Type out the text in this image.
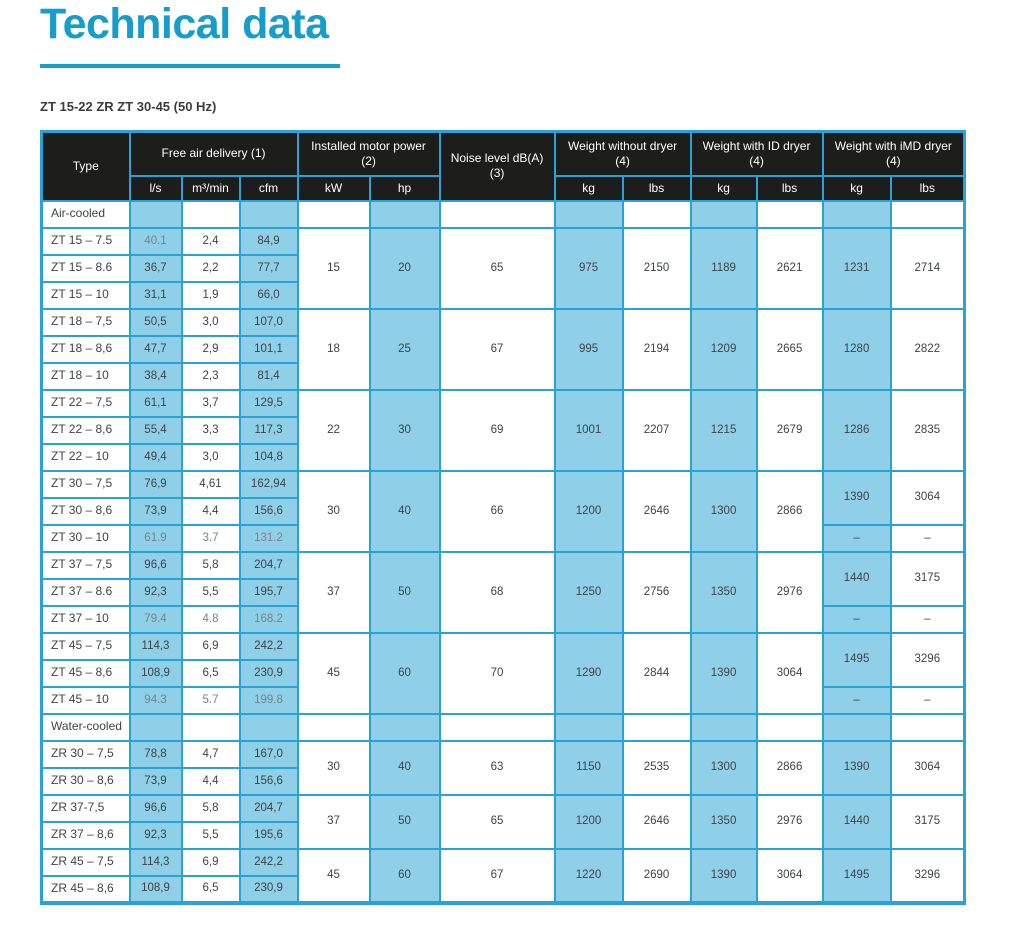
Technical data
ZT 15-22 ZR ZT 30-45 (50 Hz)
Type	Free air delivery (1)			Installed motor power (2)		Noise level dB(A) (3)	Weight without dryer (4)		Weight with ID dryer (4)		Weight with iMD dryer (4)	
	l/s	m³/min	cfm	kW	hp		kg	lbs	kg	lbs	kg	lbs
Air-cooled												
ZT 15 – 7.5	40.1	2,4	84,9	15	20	65	975	2150	1189	2621	1231	2714
ZT 15 – 8.6	36,7	2,2	77,7									
ZT 15 – 10	31,1	1,9	66,0									
ZT 18 – 7,5	50,5	3,0	107,0	18	25	67	995	2194	1209	2665	1280	2822
ZT 18 – 8,6	47,7	2,9	101,1									
ZT 18 – 10	38,4	2,3	81,4									
ZT 22 – 7,5	61,1	3,7	129,5	22	30	69	1001	2207	1215	2679	1286	2835
ZT 22 – 8,6	55,4	3,3	117,3									
ZT 22 – 10	49,4	3,0	104,8									
ZT 30 – 7,5	76,9	4,61	162,94	30	40	66	1200	2646	1300	2866	1390	3064
ZT 30 – 8,6	73,9	4,4	156,6									
ZT 30 – 10	61.9	3.7	131.2								–	–
ZT 37 – 7,5	96,6	5,8	204,7	37	50	68	1250	2756	1350	2976	1440	3175
ZT 37 – 8.6	92,3	5,5	195,7									
ZT 37 – 10	79.4	4.8	168.2								–	–
ZT 45 – 7,5	114,3	6,9	242,2	45	60	70	1290	2844	1390	3064	1495	3296
ZT 45 – 8,6	108,9	6,5	230,9									
ZT 45 – 10	94.3	5.7	199.8								–	–
Water-cooled												
ZR 30 – 7,5	78,8	4,7	167,0	30	40	63	1150	2535	1300	2866	1390	3064
ZR 30 – 8,6	73,9	4,4	156,6									
ZR 37-7,5	96,6	5,8	204,7	37	50	65	1200	2646	1350	2976	1440	3175
ZR 37 – 8,6	92,3	5,5	195,6									
ZR 45 – 7,5	114,3	6,9	242,2	45	60	67	1220	2690	1390	3064	1495	3296
ZR 45 – 8,6	108,9	6,5	230,9									
